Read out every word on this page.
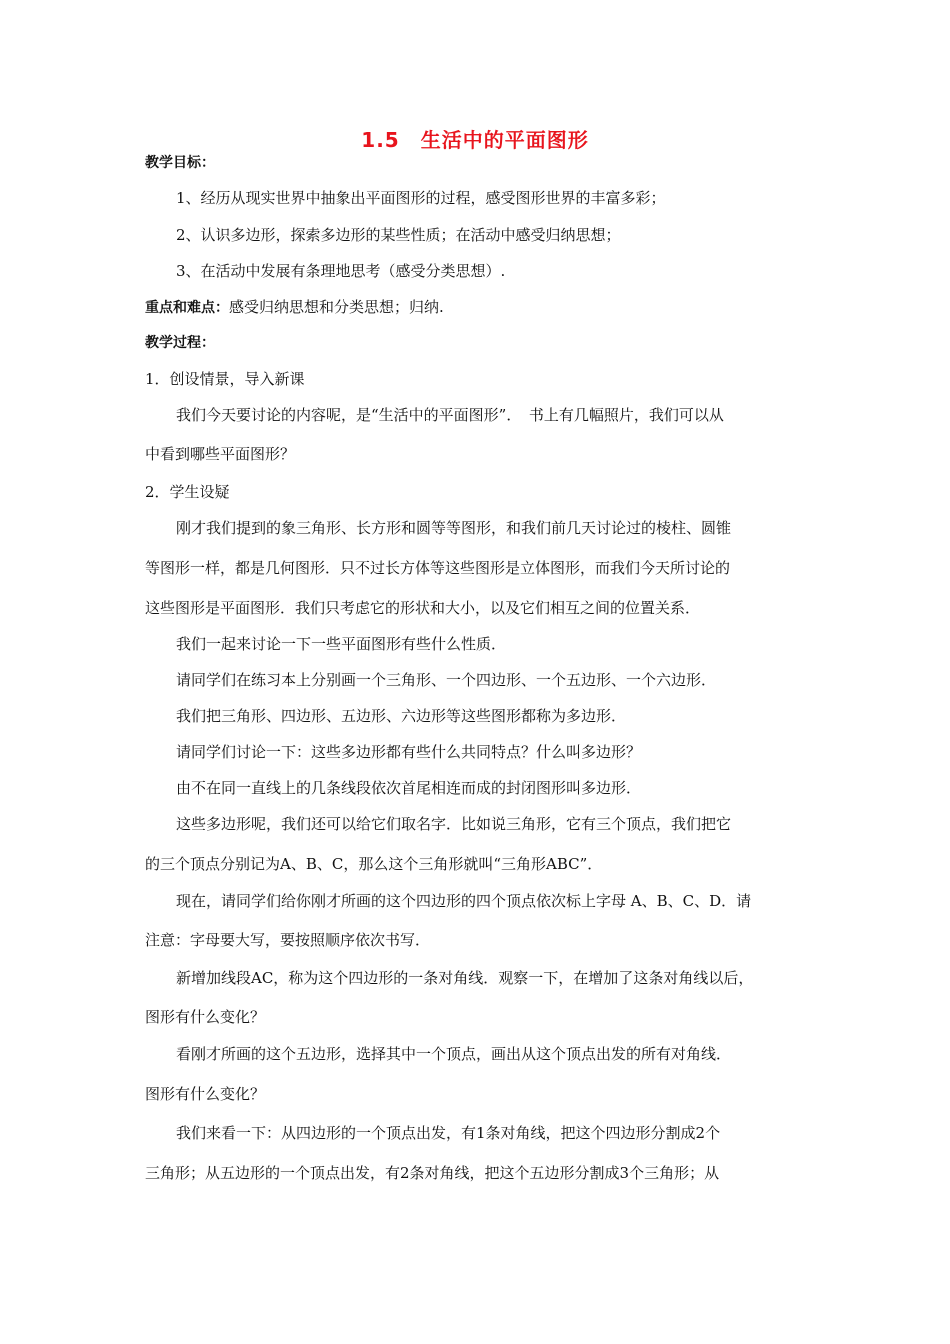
1.5　生活中的平面图形
教学目标：
1、经历从现实世界中抽象出平面图形的过程，感受图形世界的丰富多彩；
2、认识多边形，探索多边形的某些性质；在活动中感受归纳思想；
3、在活动中发展有条理地思考（感受分类思想）.
重点和难点：感受归纳思想和分类思想；归纳.
教学过程：
1．创设情景，导入新课
我们今天要讨论的内容呢，是“生活中的平面图形”．　书上有几幅照片，我们可以从
中看到哪些平面图形？
2．学生设疑
刚才我们提到的象三角形、长方形和圆等等图形，和我们前几天讨论过的棱柱、圆锥
等图形一样，都是几何图形．只不过长方体等这些图形是立体图形，而我们今天所讨论的
这些图形是平面图形．我们只考虑它的形状和大小，以及它们相互之间的位置关系．
我们一起来讨论一下一些平面图形有些什么性质．
请同学们在练习本上分别画一个三角形、一个四边形、一个五边形、一个六边形．
我们把三角形、四边形、五边形、六边形等这些图形都称为多边形．
请同学们讨论一下：这些多边形都有些什么共同特点？什么叫多边形？
由不在同一直线上的几条线段依次首尾相连而成的封闭图形叫多边形．
这些多边形呢，我们还可以给它们取名字．比如说三角形，它有三个顶点，我们把它
的三个顶点分别记为A、B、C，那么这个三角形就叫“三角形ABC”．
现在，请同学们给你刚才所画的这个四边形的四个顶点依次标上字母 A、B、C、D．请
注意：字母要大写，要按照顺序依次书写．
新增加线段AC，称为这个四边形的一条对角线．观察一下，在增加了这条对角线以后，
图形有什么变化？
看刚才所画的这个五边形，选择其中一个顶点，画出从这个顶点出发的所有对角线．
图形有什么变化？
我们来看一下：从四边形的一个顶点出发，有1条对角线，把这个四边形分割成2个
三角形；从五边形的一个顶点出发，有2条对角线，把这个五边形分割成3个三角形；从
